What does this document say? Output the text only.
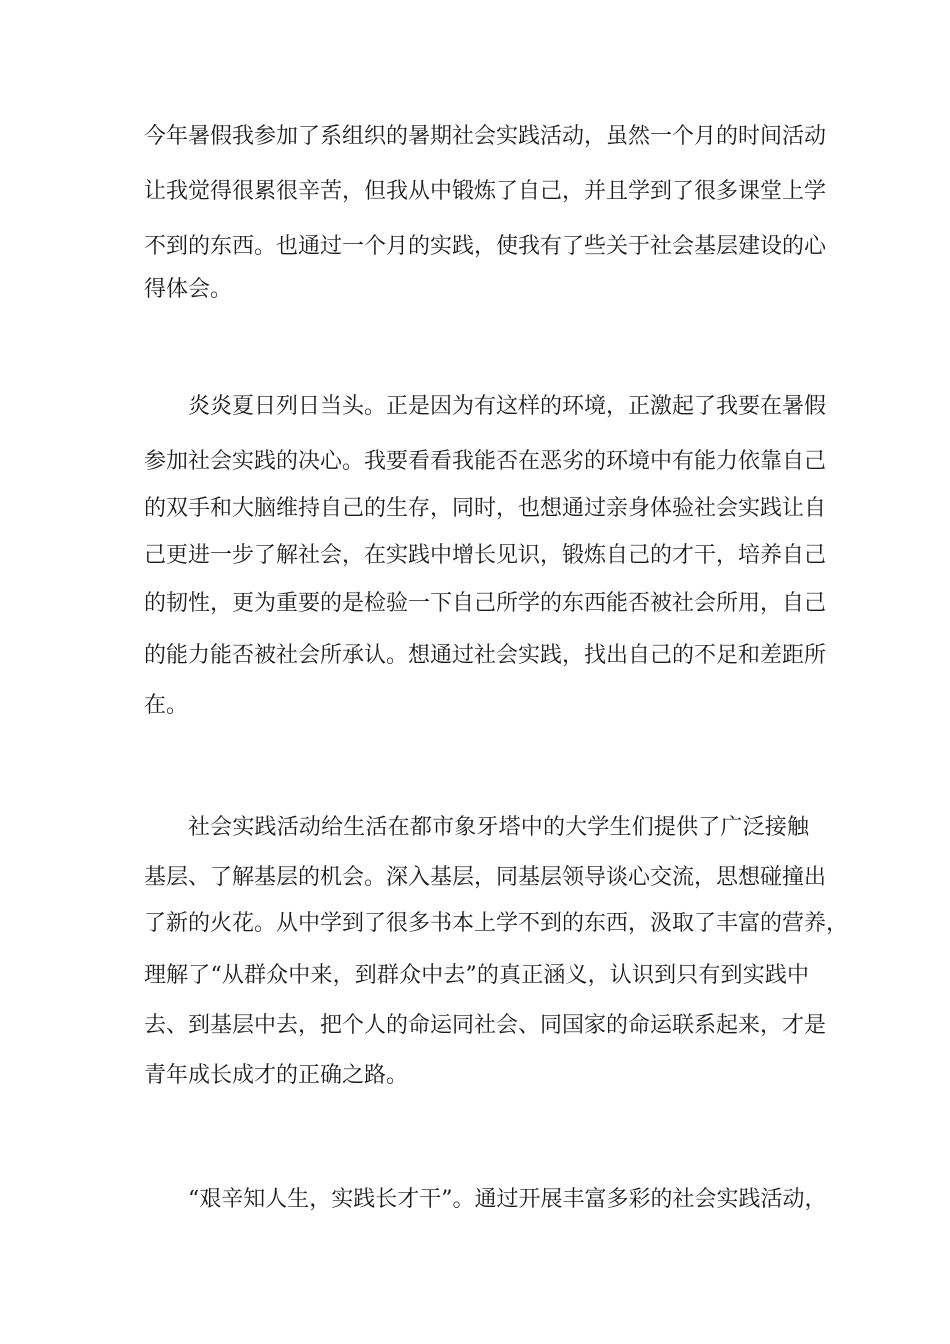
今年暑假我参加了系组织的暑期社会实践活动，虽然一个月的时间活动

让我觉得很累很辛苦，但我从中锻炼了自己，并且学到了很多课堂上学

不到的东西。也通过一个月的实践，使我有了些关于社会基层建设的心

得体会。

炎炎夏日列日当头。正是因为有这样的环境，正激起了我要在暑假

参加社会实践的决心。我要看看我能否在恶劣的环境中有能力依靠自己

的双手和大脑维持自己的生存，同时，也想通过亲身体验社会实践让自

己更进一步了解社会，在实践中增长见识，锻炼自己的才干，培养自己

的韧性，更为重要的是检验一下自己所学的东西能否被社会所用，自己

的能力能否被社会所承认。想通过社会实践，找出自己的不足和差距所

在。

社会实践活动给生活在都市象牙塔中的大学生们提供了广泛接触

基层、了解基层的机会。深入基层，同基层领导谈心交流，思想碰撞出

了新的火花。从中学到了很多书本上学不到的东西，汲取了丰富的营养，

理解了“从群众中来，到群众中去”的真正涵义，认识到只有到实践中

去、到基层中去，把个人的命运同社会、同国家的命运联系起来，才是

青年成长成才的正确之路。

“艰辛知人生，实践长才干”。通过开展丰富多彩的社会实践活动，
